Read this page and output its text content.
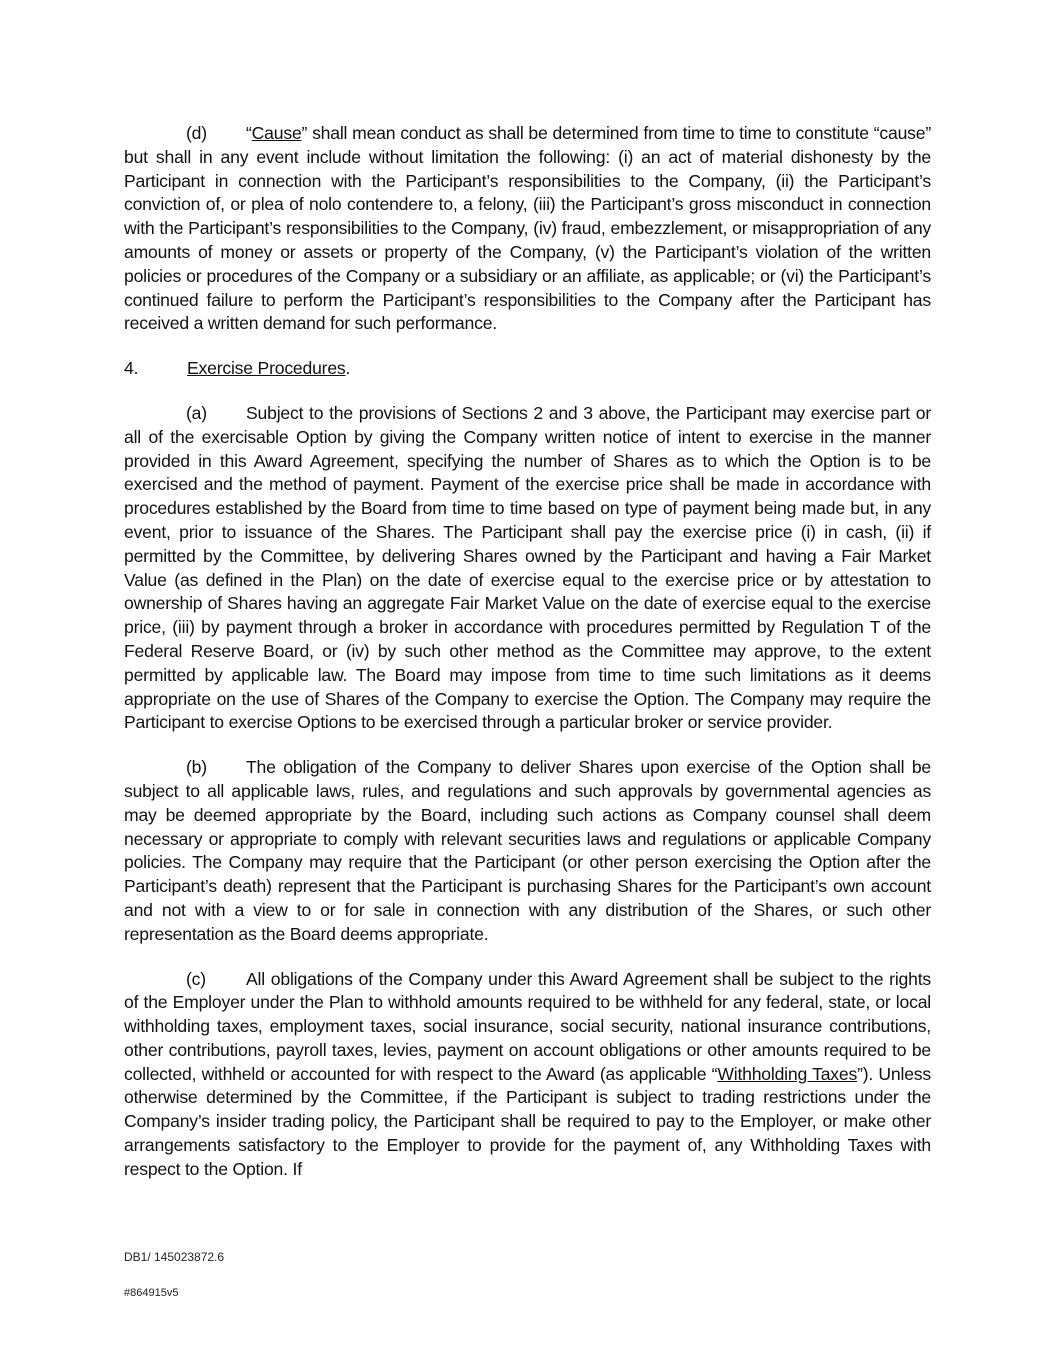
(d) “Cause” shall mean conduct as shall be determined from time to time to constitute “cause” but shall in any event include without limitation the following: (i) an act of material dishonesty by the Participant in connection with the Participant’s responsibilities to the Company, (ii) the Participant’s conviction of, or plea of nolo contendere to, a felony, (iii) the Participant’s gross misconduct in connection with the Participant’s responsibilities to the Company, (iv) fraud, embezzlement, or misappropriation of any amounts of money or assets or property of the Company, (v) the Participant’s violation of the written policies or procedures of the Company or a subsidiary or an affiliate, as applicable; or (vi) the Participant’s continued failure to perform the Participant’s responsibilities to the Company after the Participant has received a written demand for such performance.

4.	Exercise Procedures.

(a) Subject to the provisions of Sections 2 and 3 above, the Participant may exercise part or all of the exercisable Option by giving the Company written notice of intent to exercise in the manner provided in this Award Agreement, specifying the number of Shares as to which the Option is to be exercised and the method of payment. Payment of the exercise price shall be made in accordance with procedures established by the Board from time to time based on type of payment being made but, in any event, prior to issuance of the Shares. The Participant shall pay the exercise price (i) in cash, (ii) if permitted by the Committee, by delivering Shares owned by the Participant and having a Fair Market Value (as defined in the Plan) on the date of exercise equal to the exercise price or by attestation to ownership of Shares having an aggregate Fair Market Value on the date of exercise equal to the exercise price, (iii) by payment through a broker in accordance with procedures permitted by Regulation T of the Federal Reserve Board, or (iv) by such other method as the Committee may approve, to the extent permitted by applicable law. The Board may impose from time to time such limitations as it deems appropriate on the use of Shares of the Company to exercise the Option. The Company may require the Participant to exercise Options to be exercised through a particular broker or service provider.

(b) The obligation of the Company to deliver Shares upon exercise of the Option shall be subject to all applicable laws, rules, and regulations and such approvals by governmental agencies as may be deemed appropriate by the Board, including such actions as Company counsel shall deem necessary or appropriate to comply with relevant securities laws and regulations or applicable Company policies. The Company may require that the Participant (or other person exercising the Option after the Participant’s death) represent that the Participant is purchasing Shares for the Participant’s own account and not with a view to or for sale in connection with any distribution of the Shares, or such other representation as the Board deems appropriate.

(c) All obligations of the Company under this Award Agreement shall be subject to the rights of the Employer under the Plan to withhold amounts required to be withheld for any federal, state, or local withholding taxes, employment taxes, social insurance, social security, national insurance contributions, other contributions, payroll taxes, levies, payment on account obligations or other amounts required to be collected, withheld or accounted for with respect to the Award (as applicable “Withholding Taxes”). Unless otherwise determined by the Committee, if the Participant is subject to trading restrictions under the Company’s insider trading policy, the Participant shall be required to pay to the Employer, or make other arrangements satisfactory to the Employer to provide for the payment of, any Withholding Taxes with respect to the Option. If

DB1/ 145023872.6
#864915v5
